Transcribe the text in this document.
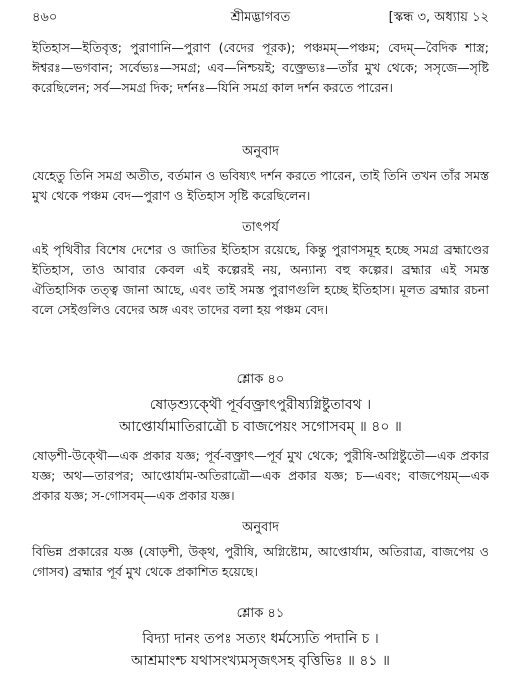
৪৬০	শ্রীমদ্ভাগবত	[স্কন্ধ ৩, অধ্যায় ১২

ইতিহাস—ইতিবৃত্ত; পুরাণানি—পুরাণ (বেদের পূরক); পঞ্চমম্—পঞ্চম; বেদম্—বৈদিক শাস্ত্র; ঈশ্বরঃ—ভগবান; সর্বেভ্যঃ—সমগ্র; এব—নিশ্চয়ই; বক্ত্রেভ্যঃ—তাঁর মুখ থেকে; সসৃজে—সৃষ্টি করেছিলেন; সর্ব—সমগ্র দিক; দর্শনঃ—যিনি সমগ্র কাল দর্শন করতে পারেন।

অনুবাদ

যেহেতু তিনি সমগ্র অতীত, বর্তমান ও ভবিষ্যৎ দর্শন করতে পারেন, তাই তিনি তখন তাঁর সমস্ত মুখ থেকে পঞ্চম বেদ—পুরাণ ও ইতিহাস সৃষ্টি করেছিলেন।

তাৎপর্য

এই পৃথিবীর বিশেষ দেশের ও জাতির ইতিহাস রয়েছে, কিন্তু পুরাণসমূহ হচ্ছে সমগ্র ব্রহ্মাণ্ডের ইতিহাস, তাও আবার কেবল এই কল্পেরই নয়, অন্যান্য বহু কল্পের। ব্রহ্মার এই সমস্ত ঐতিহাসিক তত্ত্ব জানা আছে, এবং তাই সমস্ত পুরাণগুলি হচ্ছে ইতিহাস। মূলত ব্রহ্মার রচনা বলে সেইগুলিও বেদের অঙ্গ এবং তাদের বলা হয় পঞ্চম বেদ।

শ্লোক ৪০
ষোড়শ্যুক্থৌ পূর্ববক্ত্রাৎপুরীষ্যগ্নিষ্টুতাবথ ।
আপ্তোর্যামাতিরাত্রৌ চ বাজপেয়ং সগোসবম্ ॥ ৪০ ॥

ষোড়শী-উক্থৌ—এক প্রকার যজ্ঞ; পূর্ব-বক্ত্রাৎ—পূর্ব মুখ থেকে; পুরীষি-অগ্নিষ্টুতৌ—এক প্রকার যজ্ঞ; অথ—তারপর; আপ্তোর্যাম-অতিরাত্রৌ—এক প্রকার যজ্ঞ; চ—এবং; বাজপেয়ম্—এক প্রকার যজ্ঞ; স-গোসবম্—এক প্রকার যজ্ঞ।

অনুবাদ

বিভিন্ন প্রকারের যজ্ঞ (ষোড়শী, উক্থ, পুরীষি, অগ্নিষ্টোম, আপ্তোর্যাম, অতিরাত্র, বাজপেয় ও গোসব) ব্রহ্মার পূর্ব মুখ থেকে প্রকাশিত হয়েছে।

শ্লোক ৪১
বিদ্যা দানং তপঃ সত্যং ধর্মস্যেতি পদানি চ ।
আশ্রমাংশ্চ যথাসংখ্যমসৃজৎসহ বৃত্তিভিঃ ॥ ৪১ ॥
